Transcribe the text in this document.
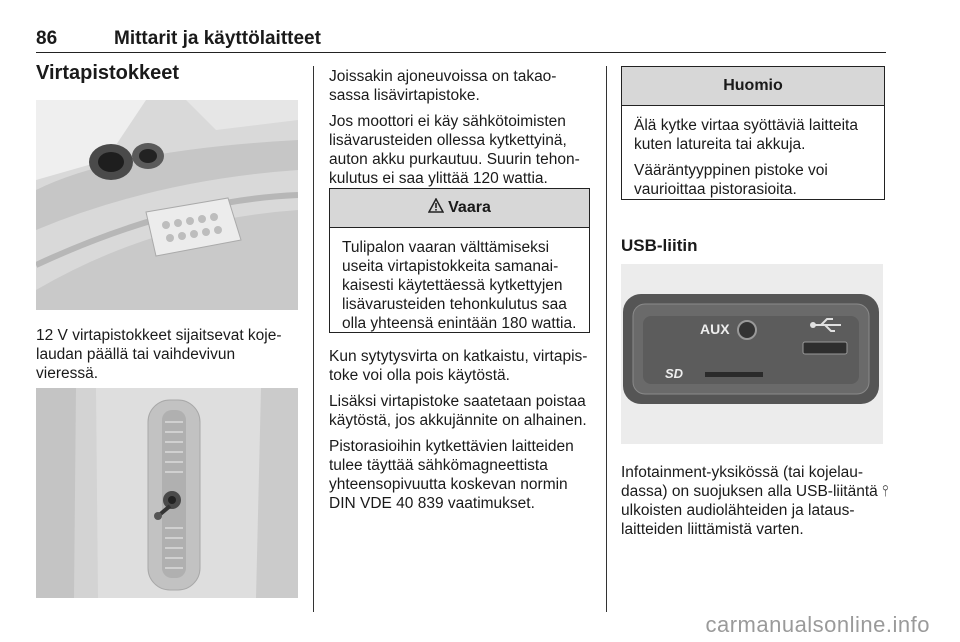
86	Mittarit ja käyttölaitteet
Virtapistokkeet

12 V virtapistokkeet sijaitsevat koje-laudan päällä tai vaihdevivun vieressä.

Joissakin ajoneuvoissa on takao-sassa lisävirtapistoke.

Jos moottori ei käy sähkötoimisten lisävarusteiden ollessa kytkettyinä, auton akku purkautuu. Suurin tehon-kulutus ei saa ylittää 120 wattia.

Vaara

Tulipalon vaaran välttämiseksi useita virtapistokkeita samanai-kaisesti käytettäessä kytkettyjen lisävarusteiden tehonkulutus saa olla yhteensä enintään 180 wattia.

Kun sytytysvirta on katkaistu, virtapis-toke voi olla pois käytöstä.

Lisäksi virtapistoke saatetaan poistaa käytöstä, jos akkujännite on alhainen.

Pistorasioihin kytkettävien laitteiden tulee täyttää sähkömagneettista yhteensopivuutta koskevan normin DIN VDE 40 839 vaatimukset.

Huomio

Älä kytke virtaa syöttäviä laitteita kuten latureita tai akkuja.

Vääräntyyppinen pistoke voi vaurioittaa pistorasioita.

USB-liitin
AUX
SD

Infotainment-yksikössä (tai kojelau-dassa) on suojuksen alla USB-liitäntä ⫯ ulkoisten audiolähteiden ja lataus-laitteiden liittämistä varten.

carmanualsonline.info
